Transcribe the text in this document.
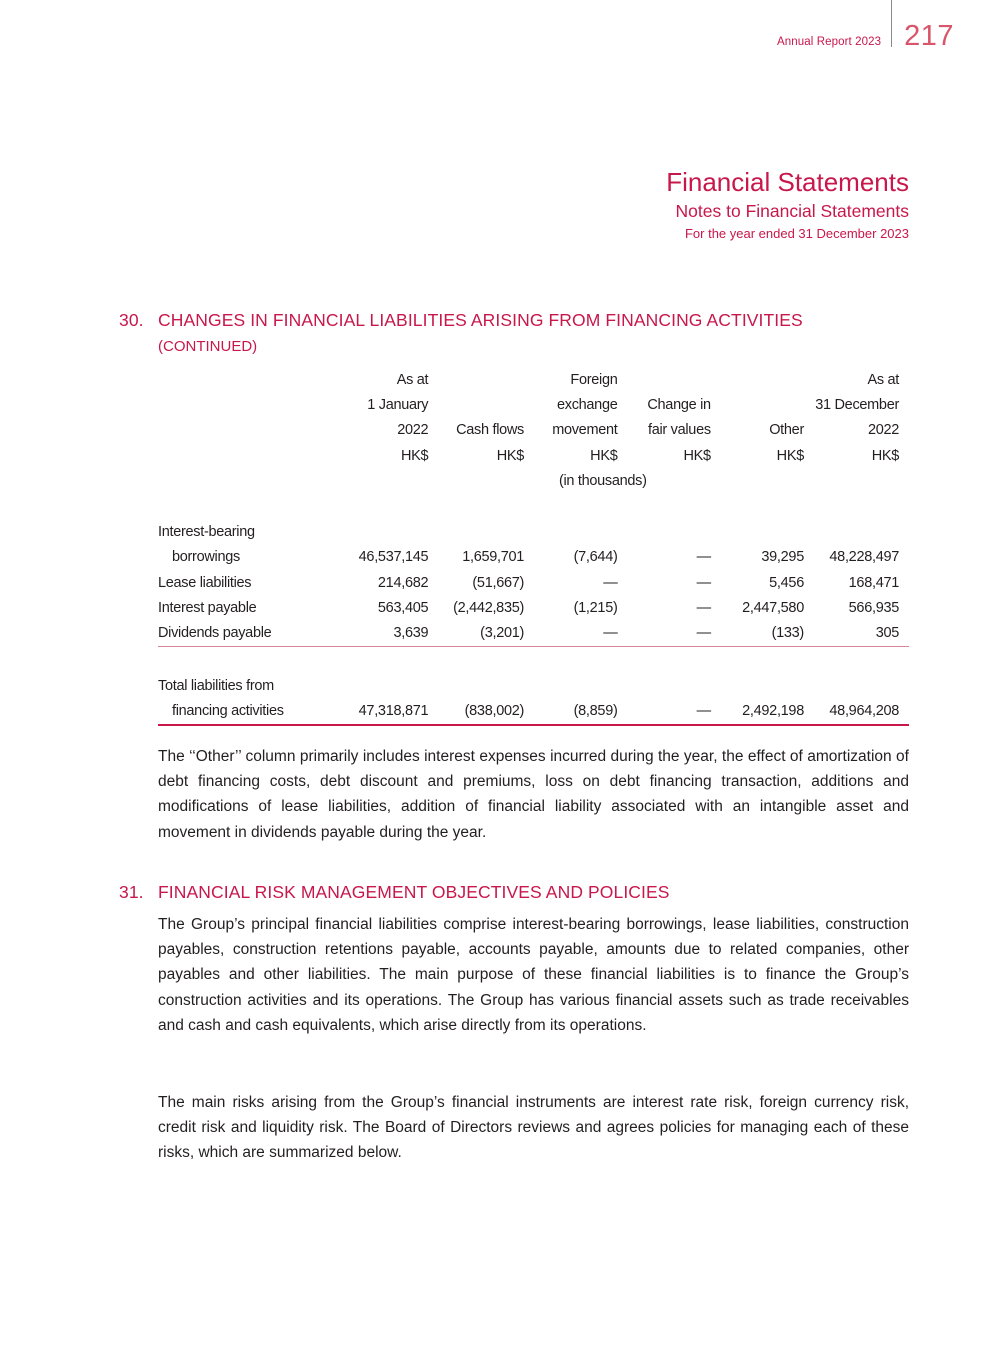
Annual Report 2023 217
Financial Statements
Notes to Financial Statements
For the year ended 31 December 2023
30. CHANGES IN FINANCIAL LIABILITIES ARISING FROM FINANCING ACTIVITIES
(CONTINUED)
	As at		Foreign			As at
	1 January		exchange	Change in		31 December
	2022	Cash flows	movement	fair values	Other	2022
	HK$	HK$	HK$	HK$	HK$	HK$
	(in thousands)					

Interest-bearing						
borrowings	46,537,145	1,659,701	(7,644)	—	39,295	48,228,497
Lease liabilities	214,682	(51,667)	—	—	5,456	168,471
Interest payable	563,405	(2,442,835)	(1,215)	—	2,447,580	566,935
Dividends payable	3,639	(3,201)	—	—	(133)	305

Total liabilities from						
financing activities	47,318,871	(838,002)	(8,859)	—	2,492,198	48,964,208

The ‘‘Other’’ column primarily includes interest expenses incurred during the year, the effect of amortization of debt financing costs, debt discount and premiums, loss on debt financing transaction, additions and modifications of lease liabilities, addition of financial liability associated with an intangible asset and movement in dividends payable during the year.

31. FINANCIAL RISK MANAGEMENT OBJECTIVES AND POLICIES

The Group’s principal financial liabilities comprise interest-bearing borrowings, lease liabilities, construction payables, construction retentions payable, accounts payable, amounts due to related companies, other payables and other liabilities. The main purpose of these financial liabilities is to finance the Group’s construction activities and its operations. The Group has various financial assets such as trade receivables and cash and cash equivalents, which arise directly from its operations.

The main risks arising from the Group’s financial instruments are interest rate risk, foreign currency risk, credit risk and liquidity risk. The Board of Directors reviews and agrees policies for managing each of these risks, which are summarized below.
